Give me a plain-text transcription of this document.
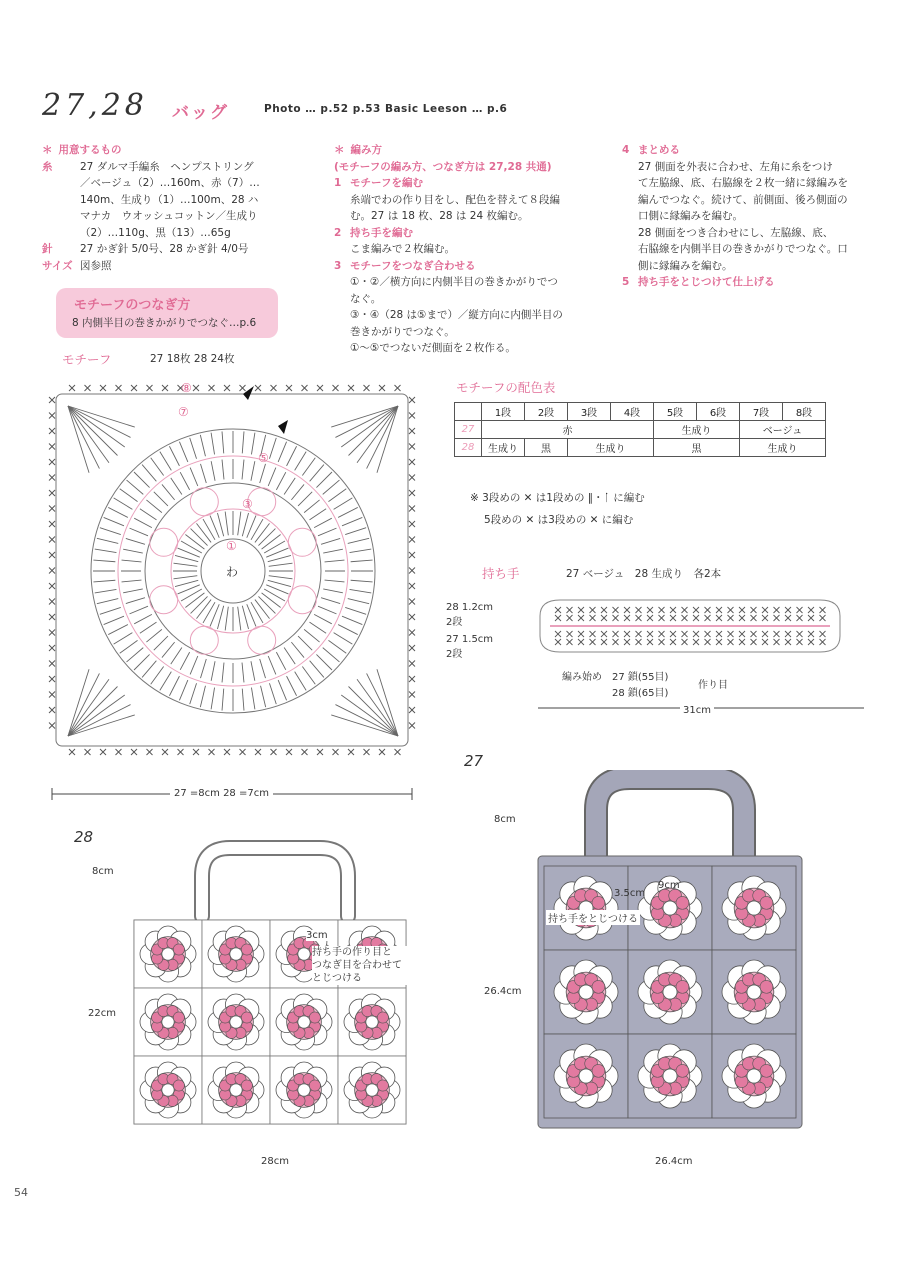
27,28 バッグ	Photo … p.52 p.53 Basic Leeson … p.6
＊ 用意するもの
糸	27 ダルマ手編糸　ヘンプストリング
／ベージュ（2）…160m、赤（7）…
140m、生成り（1）…100m、28 ハ
マナカ　ウオッシュコットン／生成り
（2）…110g、黒（13）…65g
針	27 かぎ針 5/0号、28 かぎ針 4/0号
サイズ 図参照
＊ 編み方
(モチーフの編み方、つなぎ方は 27,28 共通)
1 モチーフを編む
糸端でわの作り目をし、配色を替えて８段編
む。27 は 18 枚、28 は 24 枚編む。
2 持ち手を編む
こま編みで２枚編む。
3 モチーフをつなぎ合わせる
①・②／横方向に内側半目の巻きかがりでつ
なぐ。
③・④（28 は⑤まで）／縦方向に内側半目の
巻きかがりでつなぐ。
①〜⑤でつないだ側面を２枚作る。
4 まとめる
27 側面を外表に合わせ、左角に糸をつけ
て左脇線、底、右脇線を２枚一緒に縁編みを
編んでつなぐ。続けて、前側面、後ろ側面の
口側に縁編みを編む。
28 側面をつき合わせにし、左脇線、底、
右脇線を内側半目の巻きかがりでつなぐ。口
側に縁編みを編む。
5 持ち手をとじつけて仕上げる
モチーフのつなぎ方
8 内側半目の巻きかがりでつなぐ…p.6
モチーフ	27 18枚 28 24枚
わ
①
③
⑤
⑦
⑧
27 =8cm 28 =7cm
モチーフの配色表
	1段	2段	3段	4段	5段	6段	7段	8段
27	赤				生成り		ベージュ	
28	生成り	黒	生成り		黒		生成り	
※ 3段めの ✕ は1段めの ‖・ᛙ に編む
5段めの ✕ は3段めの ✕ に編む
持ち手	27 ベージュ　28 生成り　各2本
28 1.2cm 2段
27 1.5cm 2段
編み始め 27 鎖(55目)
28 鎖(65目)
作り目
31cm
28
8cm
22cm
28cm
3cm
持ち手の作り目と
つなぎ目を合わせて
とじつける
27
8cm
26.4cm
26.4cm
3.5cm
9cm
持ち手をとじつける
54
